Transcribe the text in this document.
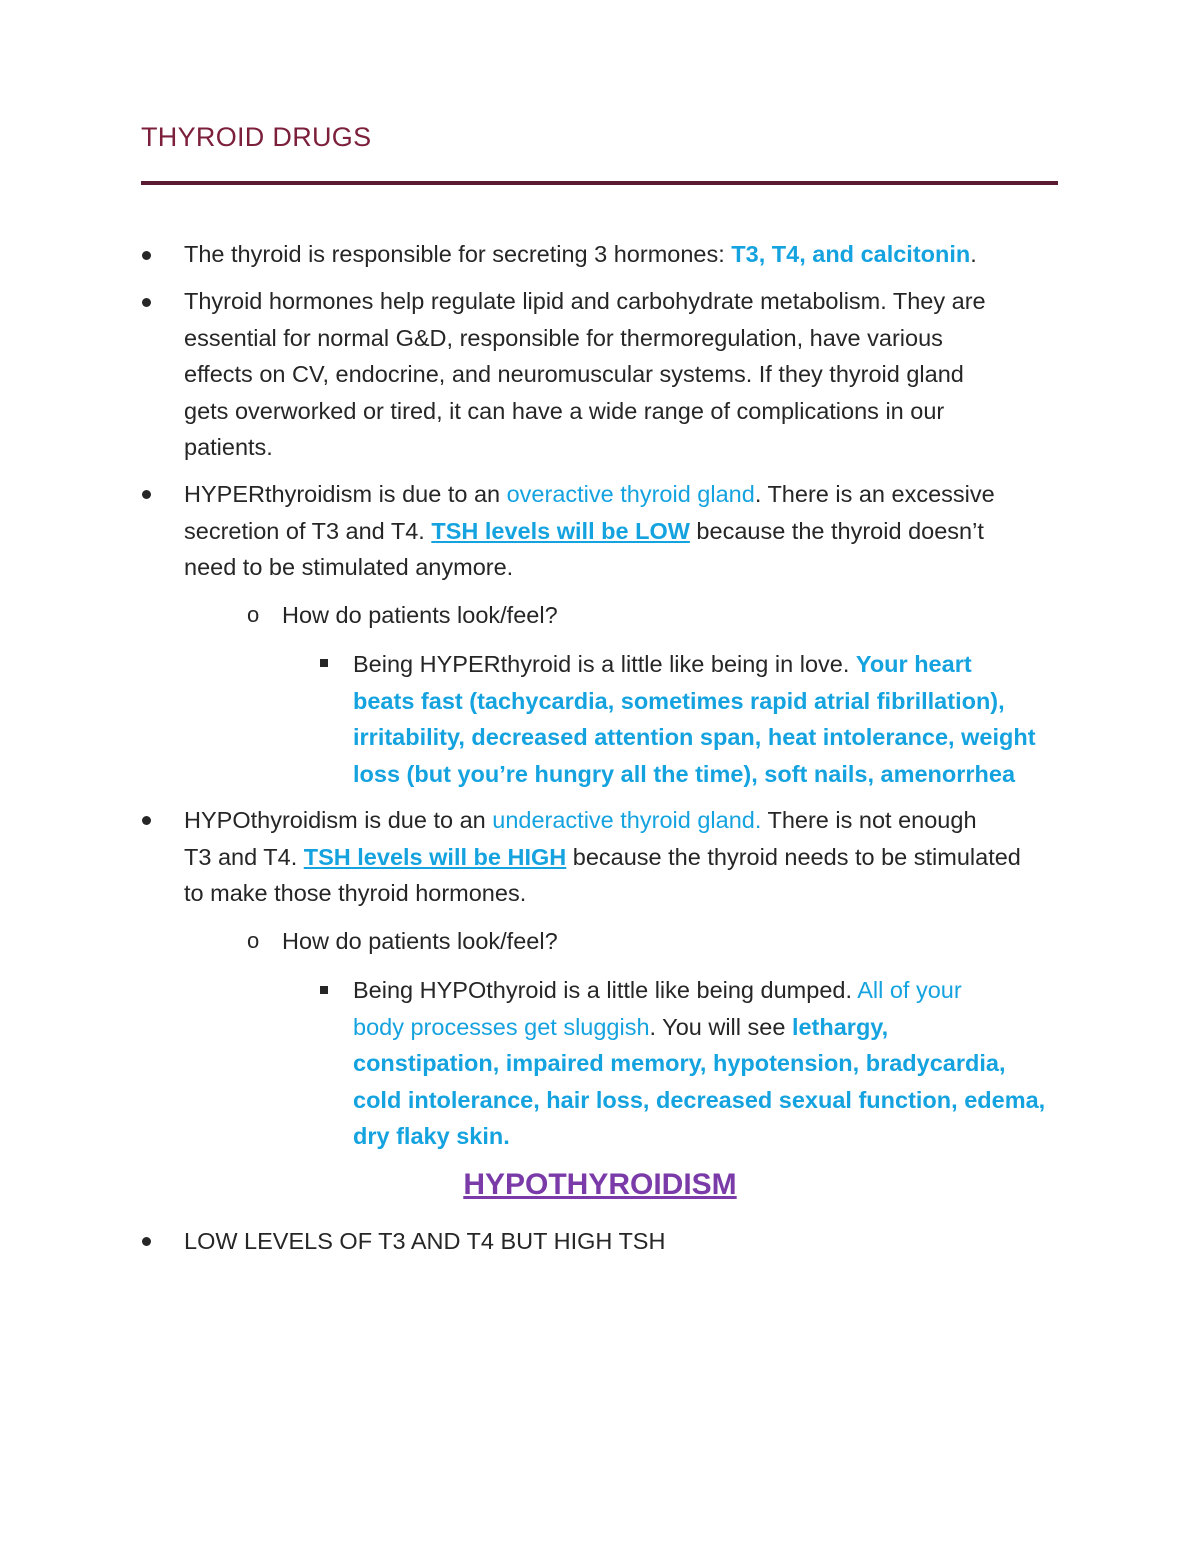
THYROID DRUGS
The thyroid is responsible for secreting 3 hormones: T3, T4, and calcitonin.
Thyroid hormones help regulate lipid and carbohydrate metabolism. They are
essential for normal G&D, responsible for thermoregulation, have various
effects on CV, endocrine, and neuromuscular systems. If they thyroid gland
gets overworked or tired, it can have a wide range of complications in our
patients.
HYPERthyroidism is due to an overactive thyroid gland. There is an excessive
secretion of T3 and T4. TSH levels will be LOW because the thyroid doesn’t
need to be stimulated anymore.
o How do patients look/feel?
Being HYPERthyroid is a little like being in love. Your heart
beats fast (tachycardia, sometimes rapid atrial fibrillation),
irritability, decreased attention span, heat intolerance, weight
loss (but you’re hungry all the time), soft nails, amenorrhea
HYPOthyroidism is due to an underactive thyroid gland. There is not enough
T3 and T4. TSH levels will be HIGH because the thyroid needs to be stimulated
to make those thyroid hormones.
o How do patients look/feel?
Being HYPOthyroid is a little like being dumped. All of your
body processes get sluggish. You will see lethargy,
constipation, impaired memory, hypotension, bradycardia,
cold intolerance, hair loss, decreased sexual function, edema,
dry flaky skin.
HYPOTHYROIDISM
LOW LEVELS OF T3 AND T4 BUT HIGH TSH
